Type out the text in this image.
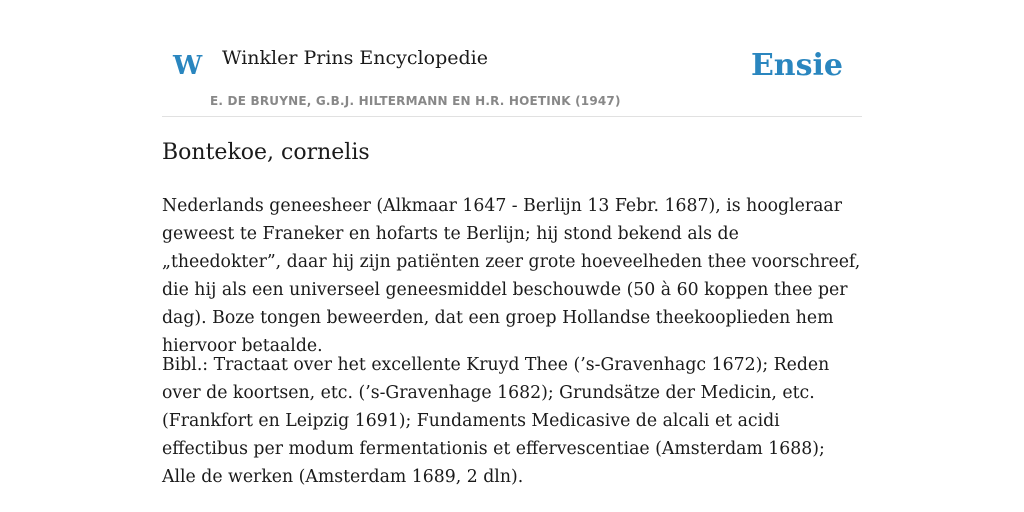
W Winkler Prins Encyclopedie
E. DE BRUYNE, G.B.J. HILTERMANN EN H.R. HOETINK (1947)
Ensie
Bontekoe, cornelis

Nederlands geneesheer (Alkmaar 1647 - Berlijn 13 Febr. 1687), is hoogleraar geweest te Franeker en hofarts te Berlijn; hij stond bekend als de „theedokter”, daar hij zijn patiënten zeer grote hoeveelheden thee voorschreef, die hij als een universeel geneesmiddel beschouwde (50 à 60 koppen thee per dag). Boze tongen beweerden, dat een groep Hollandse theekooplieden hem hiervoor betaalde.

Bibl.: Tractaat over het excellente Kruyd Thee (’s-Gravenhagc 1672); Reden over de koortsen, etc. (’s-Gravenhage 1682); Grundsätze der Medicin, etc. (Frankfort en Leipzig 1691); Fundaments Medicasive de alcali et acidi effectibus per modum fermentationis et effervescentiae (Amsterdam 1688); Alle de werken (Amsterdam 1689, 2 dln).
